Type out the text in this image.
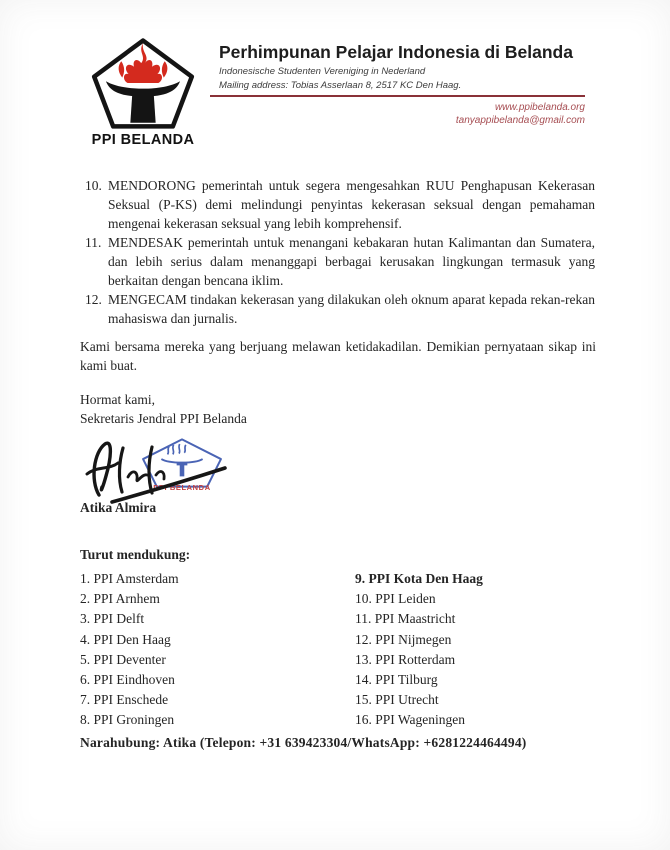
PPI BELANDA
Perhimpunan Pelajar Indonesia di Belanda
Indonesische Studenten Vereniging in Nederland
Mailing address: Tobias Asserlaan 8, 2517 KC Den Haag.
www.ppibelanda.org
tanyappibelanda@gmail.com
10. MENDORONG pemerintah untuk segera mengesahkan RUU Penghapusan Kekerasan Seksual (P-KS) demi melindungi penyintas kekerasan seksual dengan pemahaman mengenai kekerasan seksual yang lebih komprehensif.
11. MENDESAK pemerintah untuk menangani kebakaran hutan Kalimantan dan Sumatera, dan lebih serius dalam menanggapi berbagai kerusakan lingkungan termasuk yang berkaitan dengan bencana iklim.
12. MENGECAM tindakan kekerasan yang dilakukan oleh oknum aparat kepada rekan-rekan mahasiswa dan jurnalis.
Kami bersama mereka yang berjuang melawan ketidakadilan. Demikian pernyataan sikap ini kami buat.
Hormat kami,
Sekretaris Jendral PPI Belanda
PPI BELANDA
Atika Almira
Turut mendukung:
1. PPI Amsterdam
2. PPI Arnhem
3. PPI Delft
4. PPI Den Haag
5. PPI Deventer
6. PPI Eindhoven
7. PPI Enschede
8. PPI Groningen
9. PPI Kota Den Haag
10. PPI Leiden
11. PPI Maastricht
12. PPI Nijmegen
13. PPI Rotterdam
14. PPI Tilburg
15. PPI Utrecht
16. PPI Wageningen
Narahubung: Atika (Telepon: +31 639423304/WhatsApp: +6281224464494)
